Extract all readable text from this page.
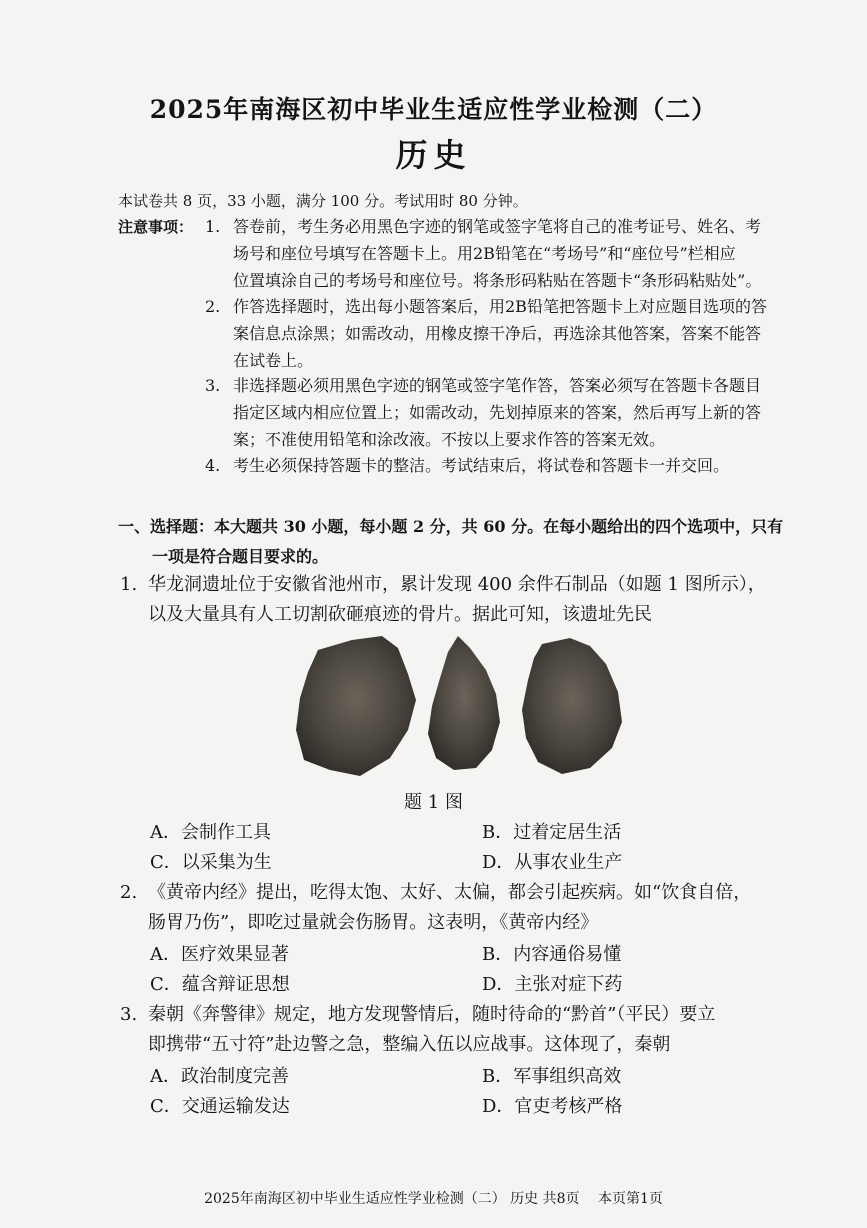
2025年南海区初中毕业生适应性学业检测（二）
历史
本试卷共 8 页，33 小题，满分 100 分。考试用时 80 分钟。
注意事项： 1. 答卷前，考生务必用黑色字迹的钢笔或签字笔将自己的准考证号、姓名、考
场号和座位号填写在答题卡上。用2B铅笔在“考场号”和“座位号”栏相应
位置填涂自己的考场号和座位号。将条形码粘贴在答题卡“条形码粘贴处”。
2. 作答选择题时，选出每小题答案后，用2B铅笔把答题卡上对应题目选项的答
案信息点涂黑；如需改动，用橡皮擦干净后，再选涂其他答案，答案不能答
在试卷上。
3. 非选择题必须用黑色字迹的钢笔或签字笔作答，答案必须写在答题卡各题目
指定区域内相应位置上；如需改动，先划掉原来的答案，然后再写上新的答
案；不准使用铅笔和涂改液。不按以上要求作答的答案无效。
4. 考生必须保持答题卡的整洁。考试结束后，将试卷和答题卡一并交回。
一、选择题：本大题共 30 小题，每小题 2 分，共 60 分。在每小题给出的四个选项中，只有
一项是符合题目要求的。
1. 华龙洞遗址位于安徽省池州市，累计发现 400 余件石制品（如题 1 图所示），
以及大量具有人工切割砍砸痕迹的骨片。据此可知，该遗址先民
题 1 图
A．会制作工具	B．过着定居生活
C．以采集为生	D．从事农业生产
2. 《黄帝内经》提出，吃得太饱、太好、太偏，都会引起疾病。如“饮食自倍，
肠胃乃伤”，即吃过量就会伤肠胃。这表明，《黄帝内经》
A．医疗效果显著	B．内容通俗易懂
C．蕴含辩证思想	D．主张对症下药
3. 秦朝《奔警律》规定，地方发现警情后，随时待命的“黔首”（平民）要立
即携带“五寸符”赴边警之急，整编入伍以应战事。这体现了，秦朝
A．政治制度完善	B．军事组织高效
C．交通运输发达	D．官吏考核严格
2025年南海区初中毕业生适应性学业检测（二） 历史 共8页　 本页第1页
